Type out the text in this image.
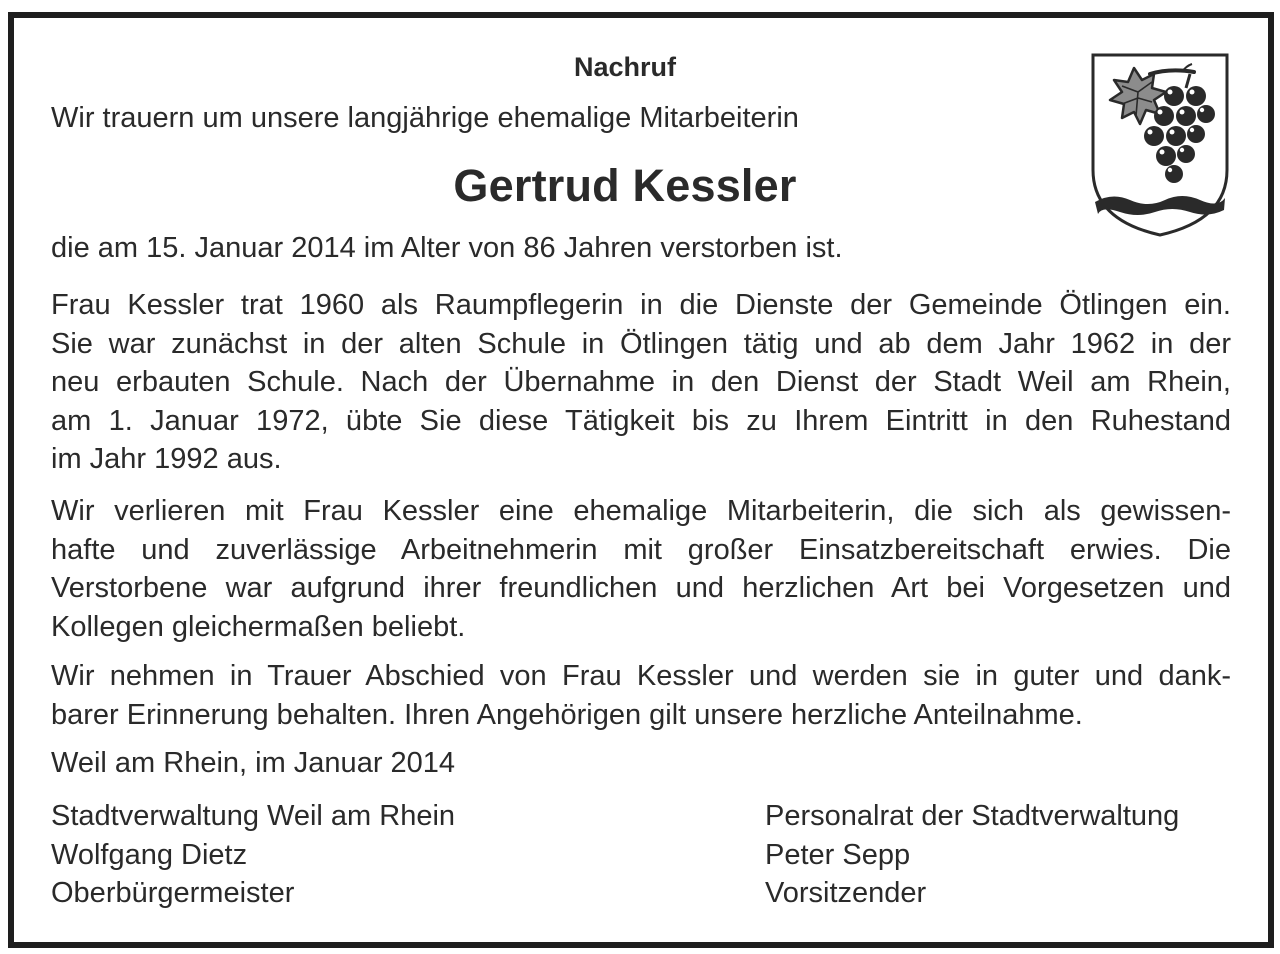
Nachruf
Wir trauern um unsere langjährige ehemalige Mitarbeiterin
Gertrud Kessler
die am 15. Januar 2014 im Alter von 86 Jahren verstorben ist.
Frau Kessler trat 1960 als Raumpflegerin in die Dienste der Gemeinde Ötlingen ein.
Sie war zunächst in der alten Schule in Ötlingen tätig und ab dem Jahr 1962 in der
neu erbauten Schule. Nach der Übernahme in den Dienst der Stadt Weil am Rhein,
am 1. Januar 1972, übte Sie diese Tätigkeit bis zu Ihrem Eintritt in den Ruhestand
im Jahr 1992 aus.
Wir verlieren mit Frau Kessler eine ehemalige Mitarbeiterin, die sich als gewissen-
hafte und zuverlässige Arbeitnehmerin mit großer Einsatzbereitschaft erwies. Die
Verstorbene war aufgrund ihrer freundlichen und herzlichen Art bei Vorgesetzen und
Kollegen gleichermaßen beliebt.
Wir nehmen in Trauer Abschied von Frau Kessler und werden sie in guter und dank-
barer Erinnerung behalten. Ihren Angehörigen gilt unsere herzliche Anteilnahme.
Weil am Rhein, im Januar 2014
Stadtverwaltung Weil am Rhein
Wolfgang Dietz
Oberbürgermeister
Personalrat der Stadtverwaltung
Peter Sepp
Vorsitzender
